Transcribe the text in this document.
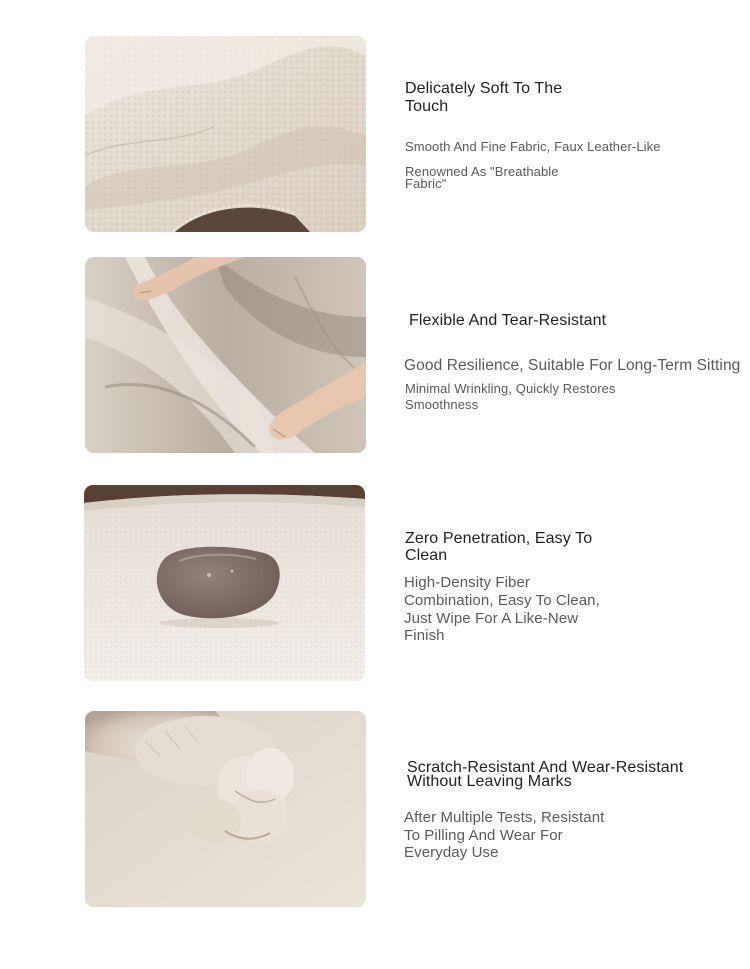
Delicately Soft To The
Touch
Smooth And Fine Fabric, Faux Leather-Like
Renowned As "Breathable
Fabric"
Flexible And Tear-Resistant
Good Resilience, Suitable For Long-Term Sitting
Minimal Wrinkling, Quickly Restores
Smoothness
Zero Penetration, Easy To
Clean
High-Density Fiber
Combination, Easy To Clean,
Just Wipe For A Like-New
Finish
Scratch-Resistant And Wear-Resistant
Without Leaving Marks
After Multiple Tests, Resistant
To Pilling And Wear For
Everyday Use
